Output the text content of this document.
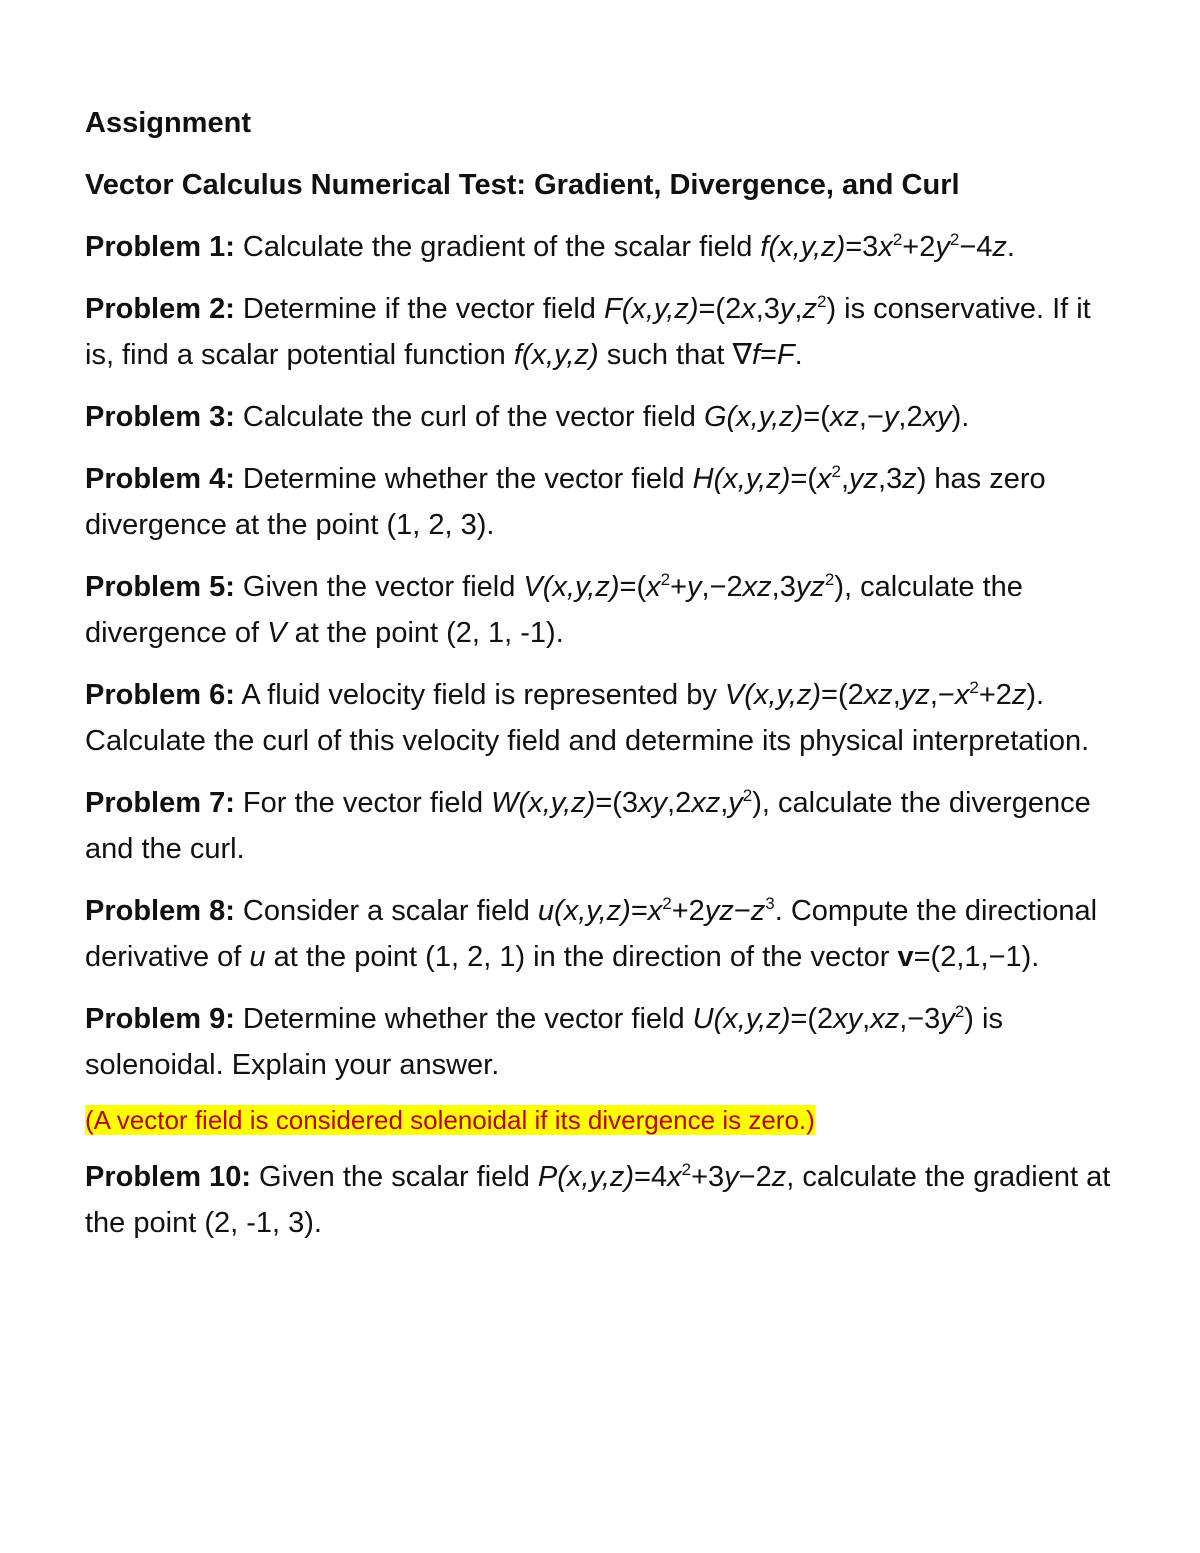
Assignment
Vector Calculus Numerical Test: Gradient, Divergence, and Curl
Problem 1: Calculate the gradient of the scalar field $f(x,y,z)=3x^2+2y^2-4z$.
Problem 2: Determine if the vector field $F(x,y,z)=(2x,3y,z^2)$ is conservative. If it is, find a scalar potential function f(x,y,z) such that ∇f=F.
Problem 3: Calculate the curl of the vector field G(x,y,z)=(xz,−y,2xy).
Problem 4: Determine whether the vector field $H(x,y,z)=(x^2,yz,3z)$ has zero divergence at the point (1, 2, 3).
Problem 5: Given the vector field $V(x,y,z)=(x^2+y,-2xz,3yz^2)$, calculate the divergence of V at the point (2, 1, -1).
Problem 6: A fluid velocity field is represented by $V(x,y,z)=(2xz,yz,-x^2+2z)$. Calculate the curl of this velocity field and determine its physical interpretation.
Problem 7: For the vector field $W(x,y,z)=(3xy,2xz,y^2)$, calculate the divergence and the curl.
Problem 8: Consider a scalar field $u(x,y,z)=x^2+2yz-z^3$. Compute the directional derivative of u at the point (1, 2, 1) in the direction of the vector v=(2,1,−1).
Problem 9: Determine whether the vector field $U(x,y,z)=(2xy,xz,-3y^2)$ is solenoidal. Explain your answer.
(A vector field is considered solenoidal if its divergence is zero.)
Problem 10: Given the scalar field $P(x,y,z)=4x^2+3y-2z$, calculate the gradient at the point (2, -1, 3).
